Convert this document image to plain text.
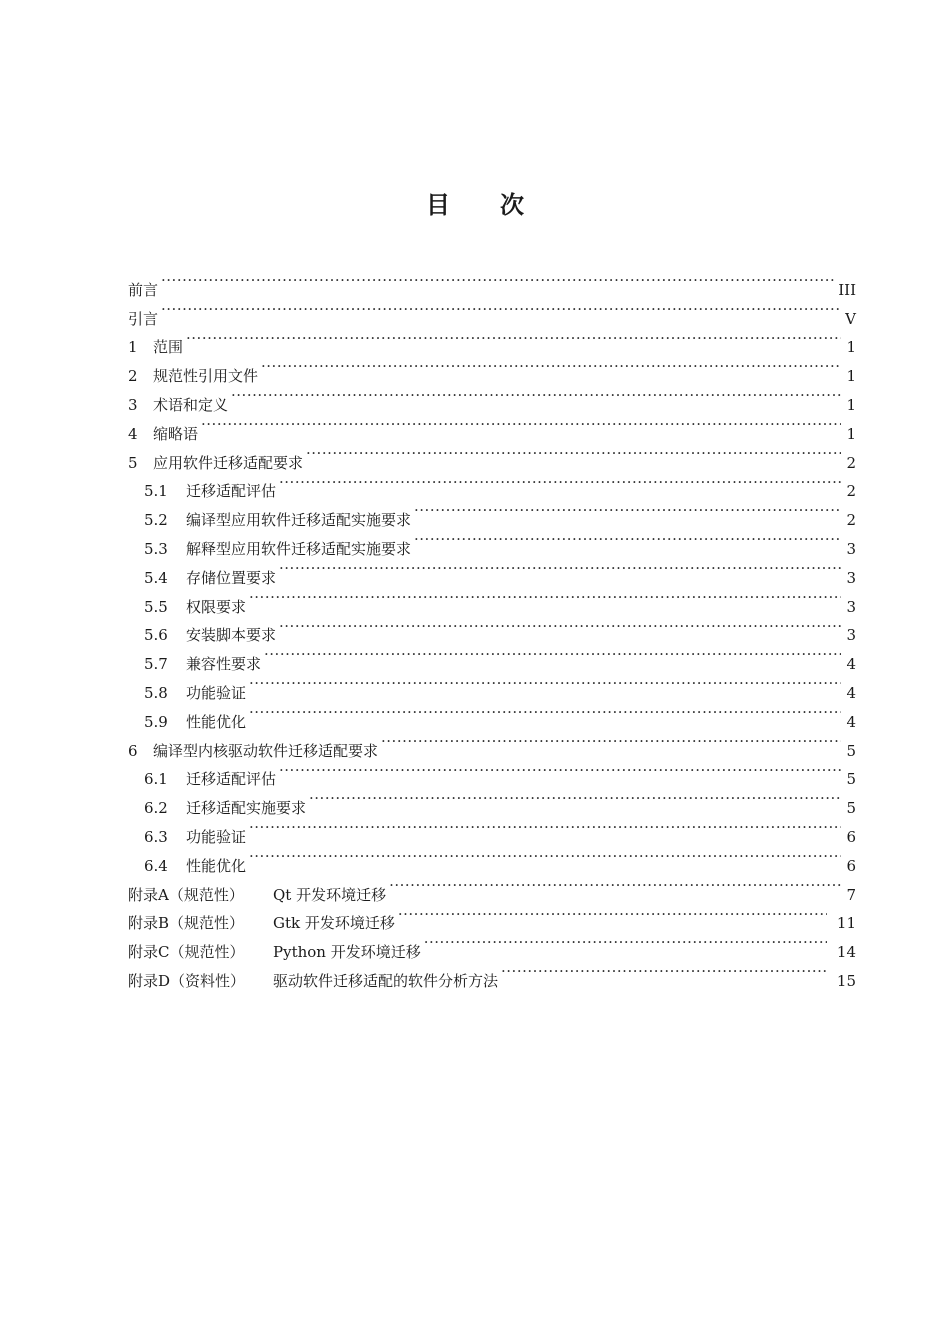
目 次
前言 ·····	III
引言 ·····	V
1	范围 ·····	1
2	规范性引用文件 ·····	1
3	术语和定义 ·····	1
4	缩略语 ·····	1
5	应用软件迁移适配要求 ·····	2
5.1	迁移适配评估 ·····	2
5.2	编译型应用软件迁移适配实施要求 ·····	2
5.3	解释型应用软件迁移适配实施要求 ·····	3
5.4	存储位置要求 ·····	3
5.5	权限要求 ·····	3
5.6	安装脚本要求 ·····	3
5.7	兼容性要求 ·····	4
5.8	功能验证 ·····	4
5.9	性能优化 ·····	4
6	编译型内核驱动软件迁移适配要求 ·····	5
6.1	迁移适配评估 ·····	5
6.2	迁移适配实施要求 ·····	5
6.3	功能验证 ·····	6
6.4	性能优化 ·····	6
附录A（规范性）	Qt 开发环境迁移 ·····	7
附录B（规范性）	Gtk 开发环境迁移 ·····	11
附录C（规范性）	Python 开发环境迁移 ·····	14
附录D（资料性）	驱动软件迁移适配的软件分析方法 ·····	15
